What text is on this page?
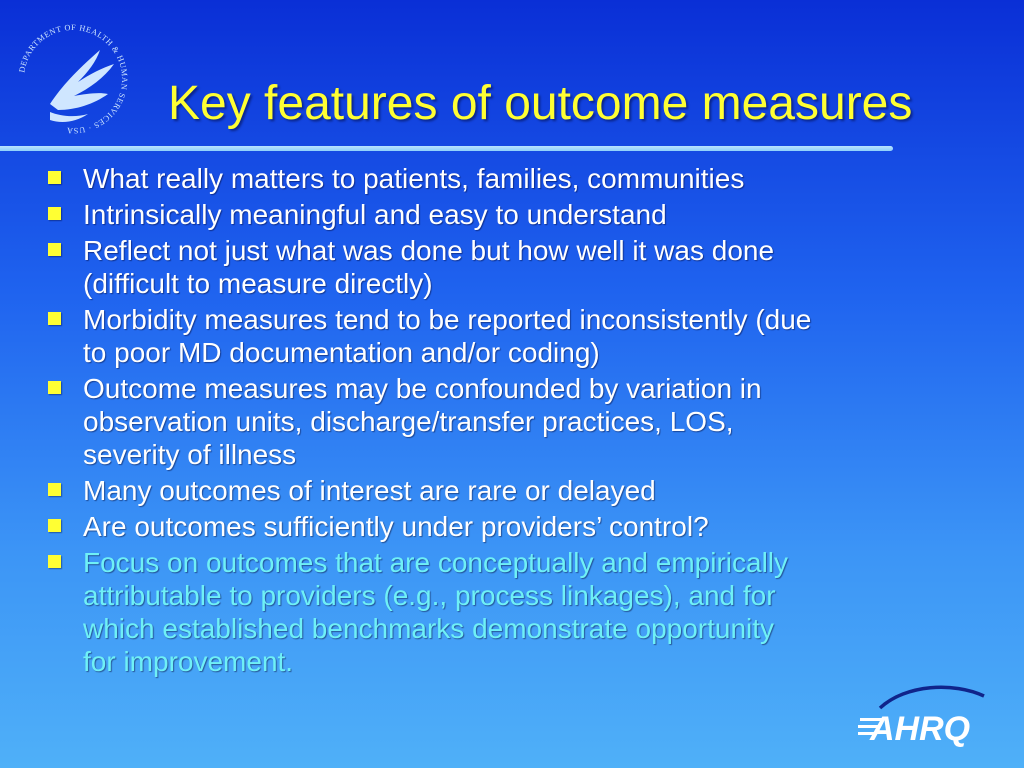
DEPARTMENT OF HEALTH & HUMAN SERVICES · USA
Key features of outcome measures
What really matters to patients, families, communities
Intrinsically meaningful and easy to understand
Reflect not just what was done but how well it was done
(difficult to measure directly)
Morbidity measures tend to be reported inconsistently (due
to poor MD documentation and/or coding)
Outcome measures may be confounded by variation in
observation units, discharge/transfer practices, LOS,
severity of illness
Many outcomes of interest are rare or delayed
Are outcomes sufficiently under providers’ control?
Focus on outcomes that are conceptually and empirically
attributable to providers (e.g., process linkages), and for
which established benchmarks demonstrate opportunity
for improvement.
AHRQ
